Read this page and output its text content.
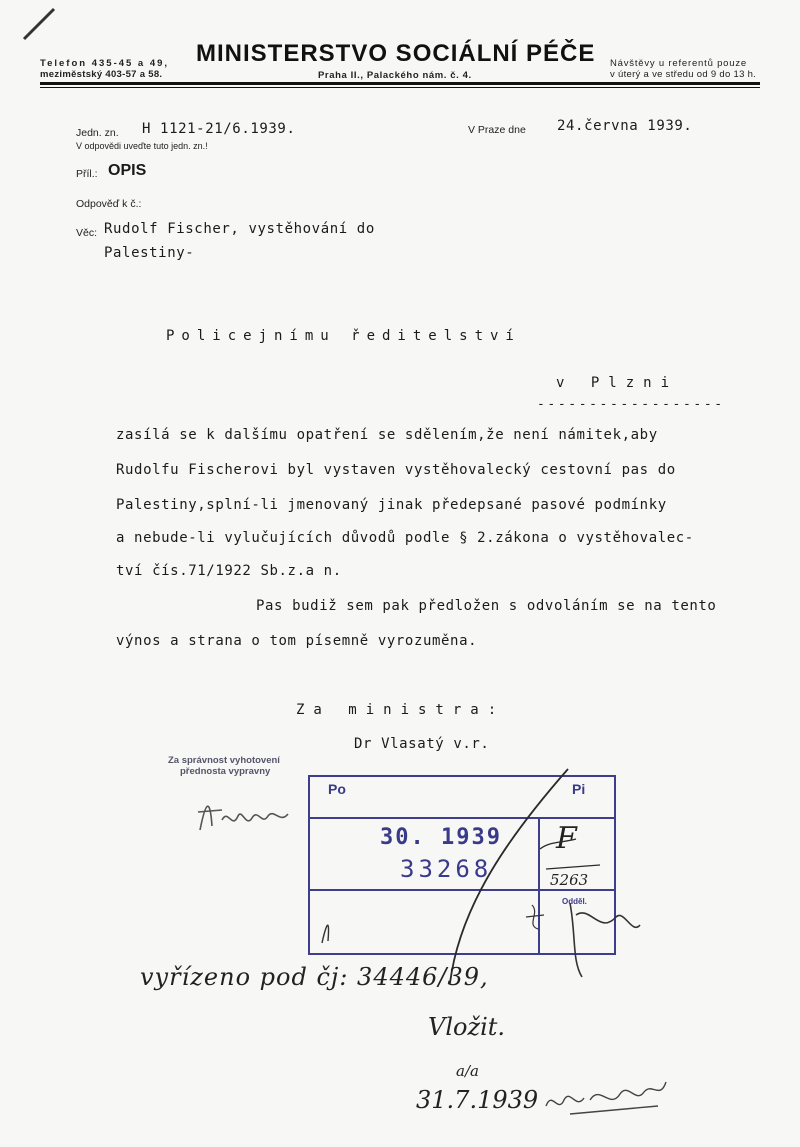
Telefon 435-45 a 49,
meziměstský 403-57 a 58.
MINISTERSTVO SOCIÁLNÍ PÉČE
Praha II., Palackého nám. č. 4.
Návštěvy u referentů pouze
v úterý a ve středu od 9 do 13 h.
Jedn. zn. H 1121-21/6.1939.
V odpovědi uveďte tuto jedn. zn.!
V Praze dne 24.června 1939.
Příl.: OPIS
Odpověď k č.:
Věc: Rudolf Fischer, vystěhování do
Palestiny-
Policejnímu ředitelství
v Plzni
------------------
zasílá se k dalšímu opatření se sdělením,že není námitek,aby
Rudolfu Fischerovi byl vystaven vystěhovalecký cestovní pas do
Palestiny,splní-li jmenovaný jinak předepsané pasové podmínky
a nebude-li vylučujících důvodů podle § 2.zákona o vystěhovalec-
tví čís.71/1922 Sb.z.a n.
Pas budiž sem pak předložen s odvoláním se na tento
výnos a strana o tom písemně vyrozuměna.
Za ministra:
Dr Vlasatý v.r.
Za správnost vyhotovení
přednosta vypravny
Po	Pi
30. 1939
33268
F
5263
Odděl.
vyřízeno pod čj: 34446/39,
Vložit.
a/a
31.7.1939
